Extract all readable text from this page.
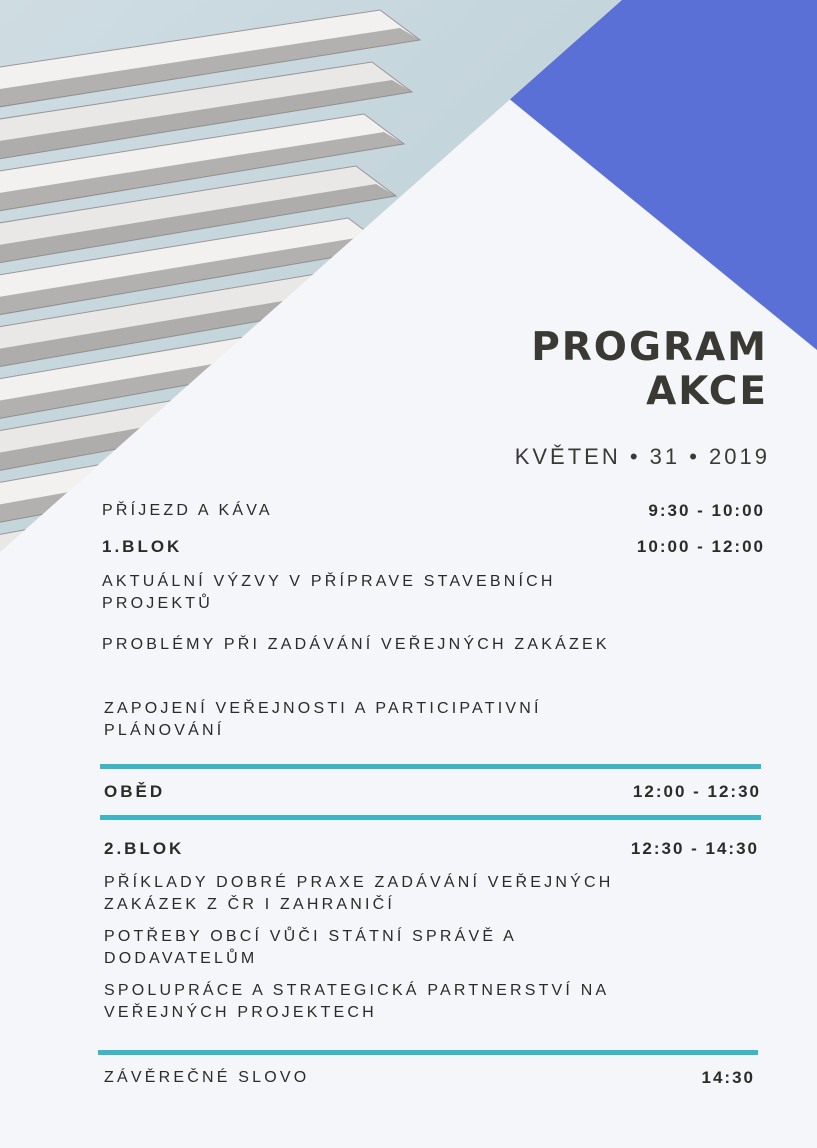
PROGRAM
AKCE

KVĚTEN • 31 • 2019

PŘÍJEZD A KÁVA	9:30 - 10:00

1.BLOK	10:00 - 12:00

AKTUÁLNÍ VÝZVY V PŘÍPRAVE STAVEBNÍCH PROJEKTŮ

PROBLÉMY PŘI ZADÁVÁNÍ VEŘEJNÝCH ZAKÁZEK

ZAPOJENÍ VEŘEJNOSTI A PARTICIPATIVNÍ PLÁNOVÁNÍ

OBĚD	12:00 - 12:30

2.BLOK	12:30 - 14:30

PŘÍKLADY DOBRÉ PRAXE ZADÁVÁNÍ VEŘEJNÝCH ZAKÁZEK Z ČR I ZAHRANIČÍ

POTŘEBY OBCÍ VŮČI STÁTNÍ SPRÁVĚ A DODAVATELŮM

SPOLUPRÁCE A STRATEGICKÁ PARTNERSTVÍ NA VEŘEJNÝCH PROJEKTECH

ZÁVĚREČNÉ SLOVO	14:30
